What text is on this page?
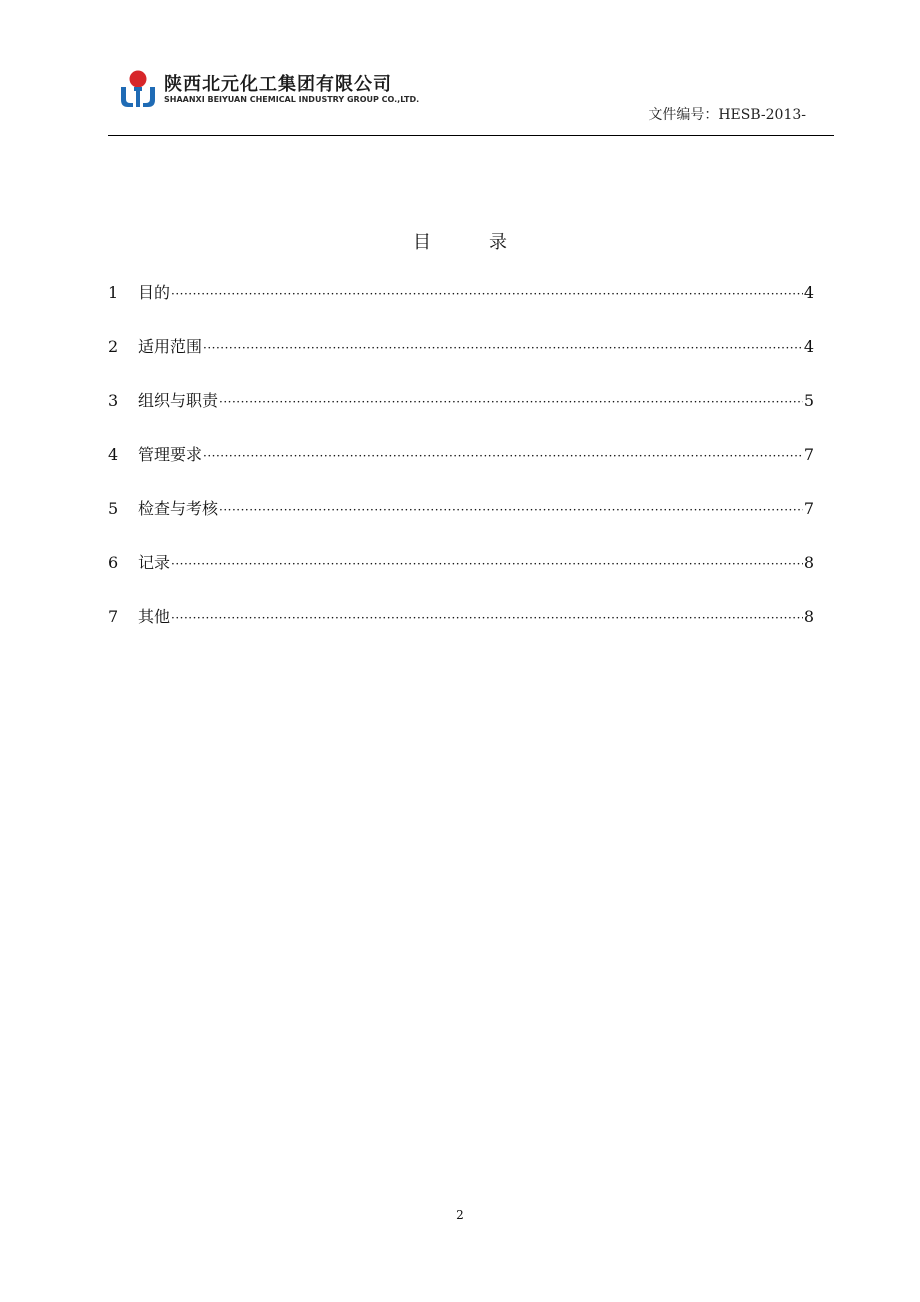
陕西北元化工集团有限公司
SHAANXI BEIYUAN CHEMICAL INDUSTRY GROUP CO.,LTD.
文件编号：HESB-2013-
目　录
1	目的 ·····	4
2	适用范围 ·····	4
3	组织与职责 ·····	5
4	管理要求 ·····	7
5	检查与考核 ·····	7
6	记录 ·····	8
7	其他 ·····	8
2
